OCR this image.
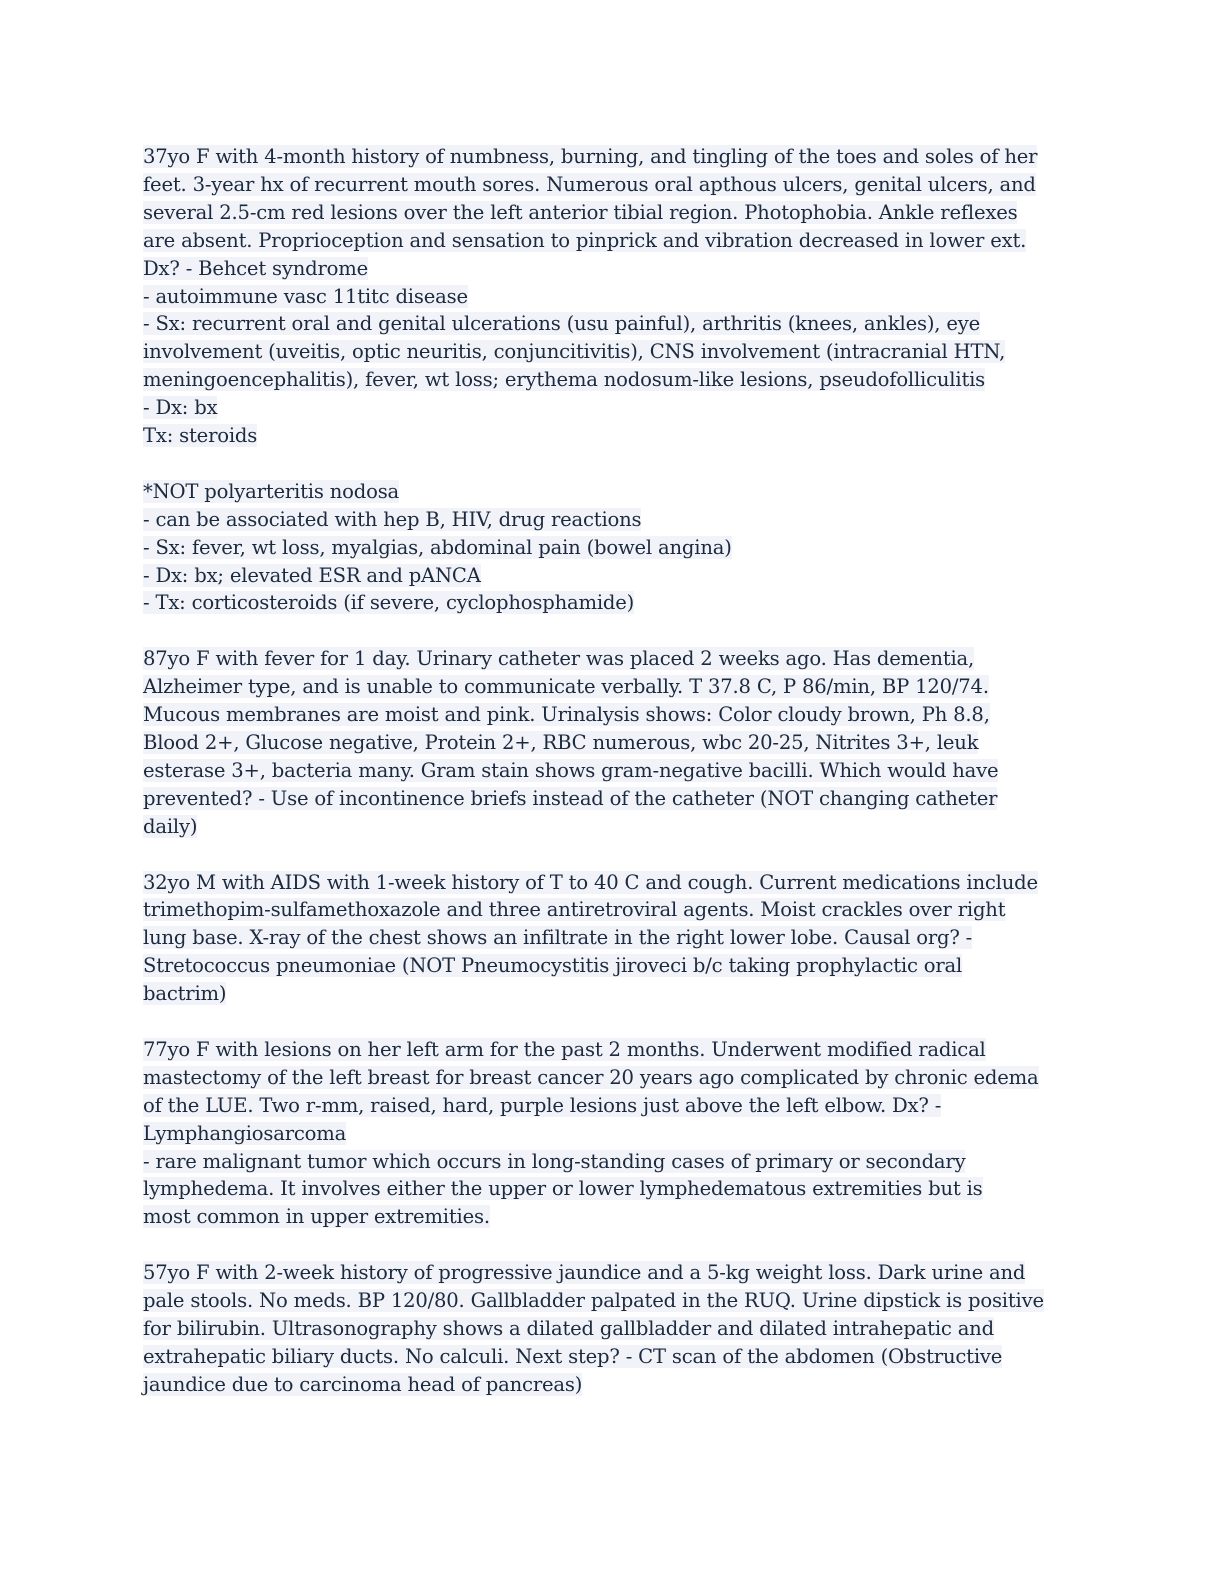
37yo F with 4-month history of numbness, burning, and tingling of the toes and soles of her
feet. 3-year hx of recurrent mouth sores. Numerous oral apthous ulcers, genital ulcers, and
several 2.5-cm red lesions over the left anterior tibial region. Photophobia. Ankle reflexes
are absent. Proprioception and sensation to pinprick and vibration decreased in lower ext.
Dx? - Behcet syndrome
- autoimmune vasc 11titc disease
- Sx: recurrent oral and genital ulcerations (usu painful), arthritis (knees, ankles), eye
involvement (uveitis, optic neuritis, conjuncitivitis), CNS involvement (intracranial HTN,
meningoencephalitis), fever, wt loss; erythema nodosum-like lesions, pseudofolliculitis
- Dx: bx
Tx: steroids
*NOT polyarteritis nodosa
- can be associated with hep B, HIV, drug reactions
- Sx: fever, wt loss, myalgias, abdominal pain (bowel angina)
- Dx: bx; elevated ESR and pANCA
- Tx: corticosteroids (if severe, cyclophosphamide)
87yo F with fever for 1 day. Urinary catheter was placed 2 weeks ago. Has dementia,
Alzheimer type, and is unable to communicate verbally. T 37.8 C, P 86/min, BP 120/74.
Mucous membranes are moist and pink. Urinalysis shows: Color cloudy brown, Ph 8.8,
Blood 2+, Glucose negative, Protein 2+, RBC numerous, wbc 20-25, Nitrites 3+, leuk
esterase 3+, bacteria many. Gram stain shows gram-negative bacilli. Which would have
prevented? - Use of incontinence briefs instead of the catheter (NOT changing catheter
daily)
32yo M with AIDS with 1-week history of T to 40 C and cough. Current medications include
trimethopim-sulfamethoxazole and three antiretroviral agents. Moist crackles over right
lung base. X-ray of the chest shows an infiltrate in the right lower lobe. Causal org? -
Stretococcus pneumoniae (NOT Pneumocystitis jiroveci b/c taking prophylactic oral
bactrim)
77yo F with lesions on her left arm for the past 2 months. Underwent modified radical
mastectomy of the left breast for breast cancer 20 years ago complicated by chronic edema
of the LUE. Two r-mm, raised, hard, purple lesions just above the left elbow. Dx? -
Lymphangiosarcoma
- rare malignant tumor which occurs in long-standing cases of primary or secondary
lymphedema. It involves either the upper or lower lymphedematous extremities but is
most common in upper extremities.
57yo F with 2-week history of progressive jaundice and a 5-kg weight loss. Dark urine and
pale stools. No meds. BP 120/80. Gallbladder palpated in the RUQ. Urine dipstick is positive
for bilirubin. Ultrasonography shows a dilated gallbladder and dilated intrahepatic and
extrahepatic biliary ducts. No calculi. Next step? - CT scan of the abdomen (Obstructive
jaundice due to carcinoma head of pancreas)
